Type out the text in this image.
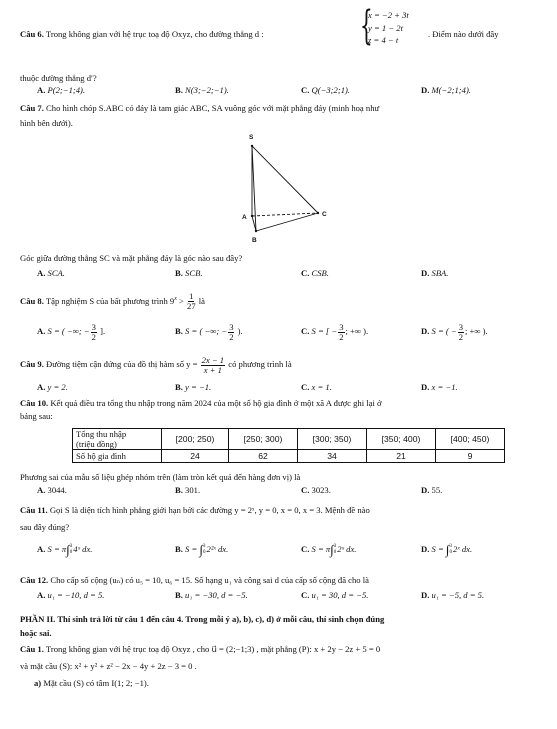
Câu 6. Trong không gian với hệ trục toạ độ Oxyz, cho đường thẳng d : {
x = −2 + 3t
y = 1 − 2t
z = 4 − t
. Điểm nào dưới đây
thuộc đường thẳng d′?
A. P(2;−1;4).	B. N(3;−2;−1).	C. Q(−3;2;1).	D. M(−2;1;4).
Câu 7. Cho hình chóp S.ABC có đáy là tam giác ABC, SA vuông góc với mặt phẳng đáy (minh hoạ như
hình bên dưới).
S
A
B
C
Góc giữa đường thẳng SC và mặt phẳng đáy là góc nào sau đây?
A. SCA.	B. SCB.	C. CSB.	D. SBA.
Câu 8. Tập nghiệm S của bất phương trình $9^x > \frac{1}{27}$ là
A. S = ( −∞; − $\frac{3}{2}$ ].	B. S = ( −∞; − $\frac{3}{2}$ ).	C. S = [ − $\frac{3}{2}$ ; +∞ ).	D. S = ( − $\frac{3}{2}$ ; +∞ ).
Câu 9. Đường tiệm cận đứng của đồ thị hàm số $y = \frac{2x - 1}{x + 1}$ có phương trình là
A. y = 2.	B. y = −1.	C. x = 1.	D. x = −1.
Câu 10. Kết quả điều tra tổng thu nhập trong năm 2024 của một số hộ gia đình ở một xã A được ghi lại ở
bảng sau:
Tổng thu nhập
(triệu đồng)	[200; 250)	[250; 300)	[300; 350)	[350; 400)	[400; 450)
Số hộ gia đình	24	62	34	21	9
Phương sai của mẫu số liệu ghép nhóm trên (làm tròn kết quả đến hàng đơn vị) là
A. 3044.	B. 301.	C. 3023.	D. 55.
Câu 11. Gọi S là diện tích hình phẳng giới hạn bởi các đường y = 2ˣ, y = 0, x = 0, x = 3. Mệnh đề nào
sau đây đúng?
A. S = π∫ 3
0 4ˣ dx.	B. S = ∫ 3
0 2²ˣ dx.	C. S = π∫ 3
0 2ˣ dx.	D. S = ∫ 3
0 2ˣ dx.
Câu 12. Cho cấp số cộng (uₙ) có u₅ = 10, u₆ = 15. Số hạng u₁ và công sai d của cấp số cộng đã cho là
A. u₁ = −10, d = 5.	B. u₁ = −30, d = −5.	C. u₁ = 30, d = −5.	D. u₁ = −5, d = 5.
PHẦN II. Thí sinh trả lời từ câu 1 đến câu 4. Trong mỗi ý a), b), c), d) ở mỗi câu, thí sinh chọn đúng
hoặc sai.
Câu 1. Trong không gian với hệ trục toạ độ Oxyz , cho u⃗ = (2;−1;3) , mặt phẳng (P): x + 2y − 2z + 5 = 0
và mặt cầu (S): x² + y² + z² − 2x − 4y + 2z − 3 = 0 .
a) Mặt cầu (S) có tâm I(1; 2; −1).
